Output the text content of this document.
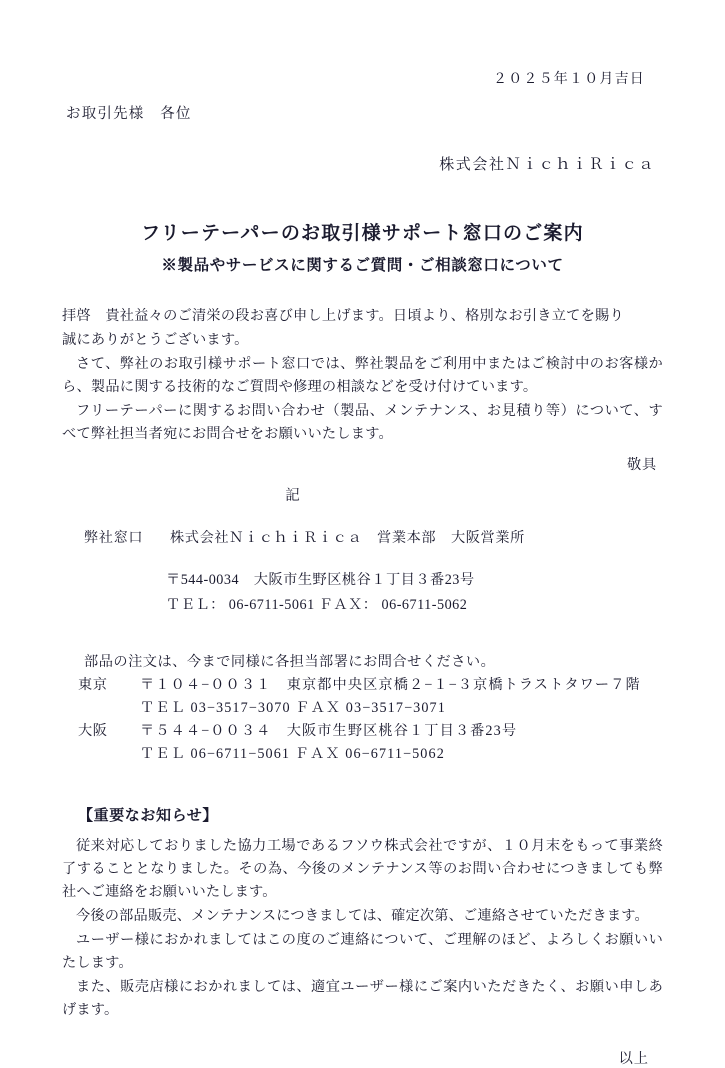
２０２５年１０月吉日
お取引先様　各位
株式会社ＮｉｃｈｉＲｉｃａ
フリーテーパーのお取引様サポート窓口のご案内
※製品やサービスに関するご質問・ご相談窓口について
拝啓　貴社益々のご清栄の段お喜び申し上げます。日頃より、格別なお引き立てを賜り
誠にありがとうございます。
さて、弊社のお取引様サポート窓口では、弊社製品をご利用中またはご検討中のお客様から、製品に関する技術的なご質問や修理の相談などを受け付けています。
フリーテーパーに関するお問い合わせ（製品、メンテナンス、お見積り等）について、すべて弊社担当者宛にお問合せをお願いいたします。
敬具
記
弊社窓口 株式会社ＮｉｃｈｉＲｉｃａ　営業本部　大阪営業所
〒544-0034　大阪市生野区桃谷１丁目３番23号
ＴＥＬ： 06-6711-5061 ＦＡＸ： 06-6711-5062
部品の注文は、今まで同様に各担当部署にお問合せください。
東京	〒１０４−００３１　東京都中央区京橋２−１−３京橋トラストタワー７階
ＴＥＬ 03−3517−3070 ＦＡＸ 03−3517−3071
大阪	〒５４４−００３４　大阪市生野区桃谷１丁目３番23号
ＴＥＬ 06−6711−5061 ＦＡＸ 06−6711−5062
【重要なお知らせ】
従来対応しておりました協力工場であるフソウ株式会社ですが、１０月末をもって事業終了することとなりました。その為、今後のメンテナンス等のお問い合わせにつきましても弊社へご連絡をお願いいたします。
今後の部品販売、メンテナンスにつきましては、確定次第、ご連絡させていただきます。
ユーザー様におかれましてはこの度のご連絡について、ご理解のほど、よろしくお願いいたします。
また、販売店様におかれましては、適宜ユーザー様にご案内いただきたく、お願い申しあげます。
以上
